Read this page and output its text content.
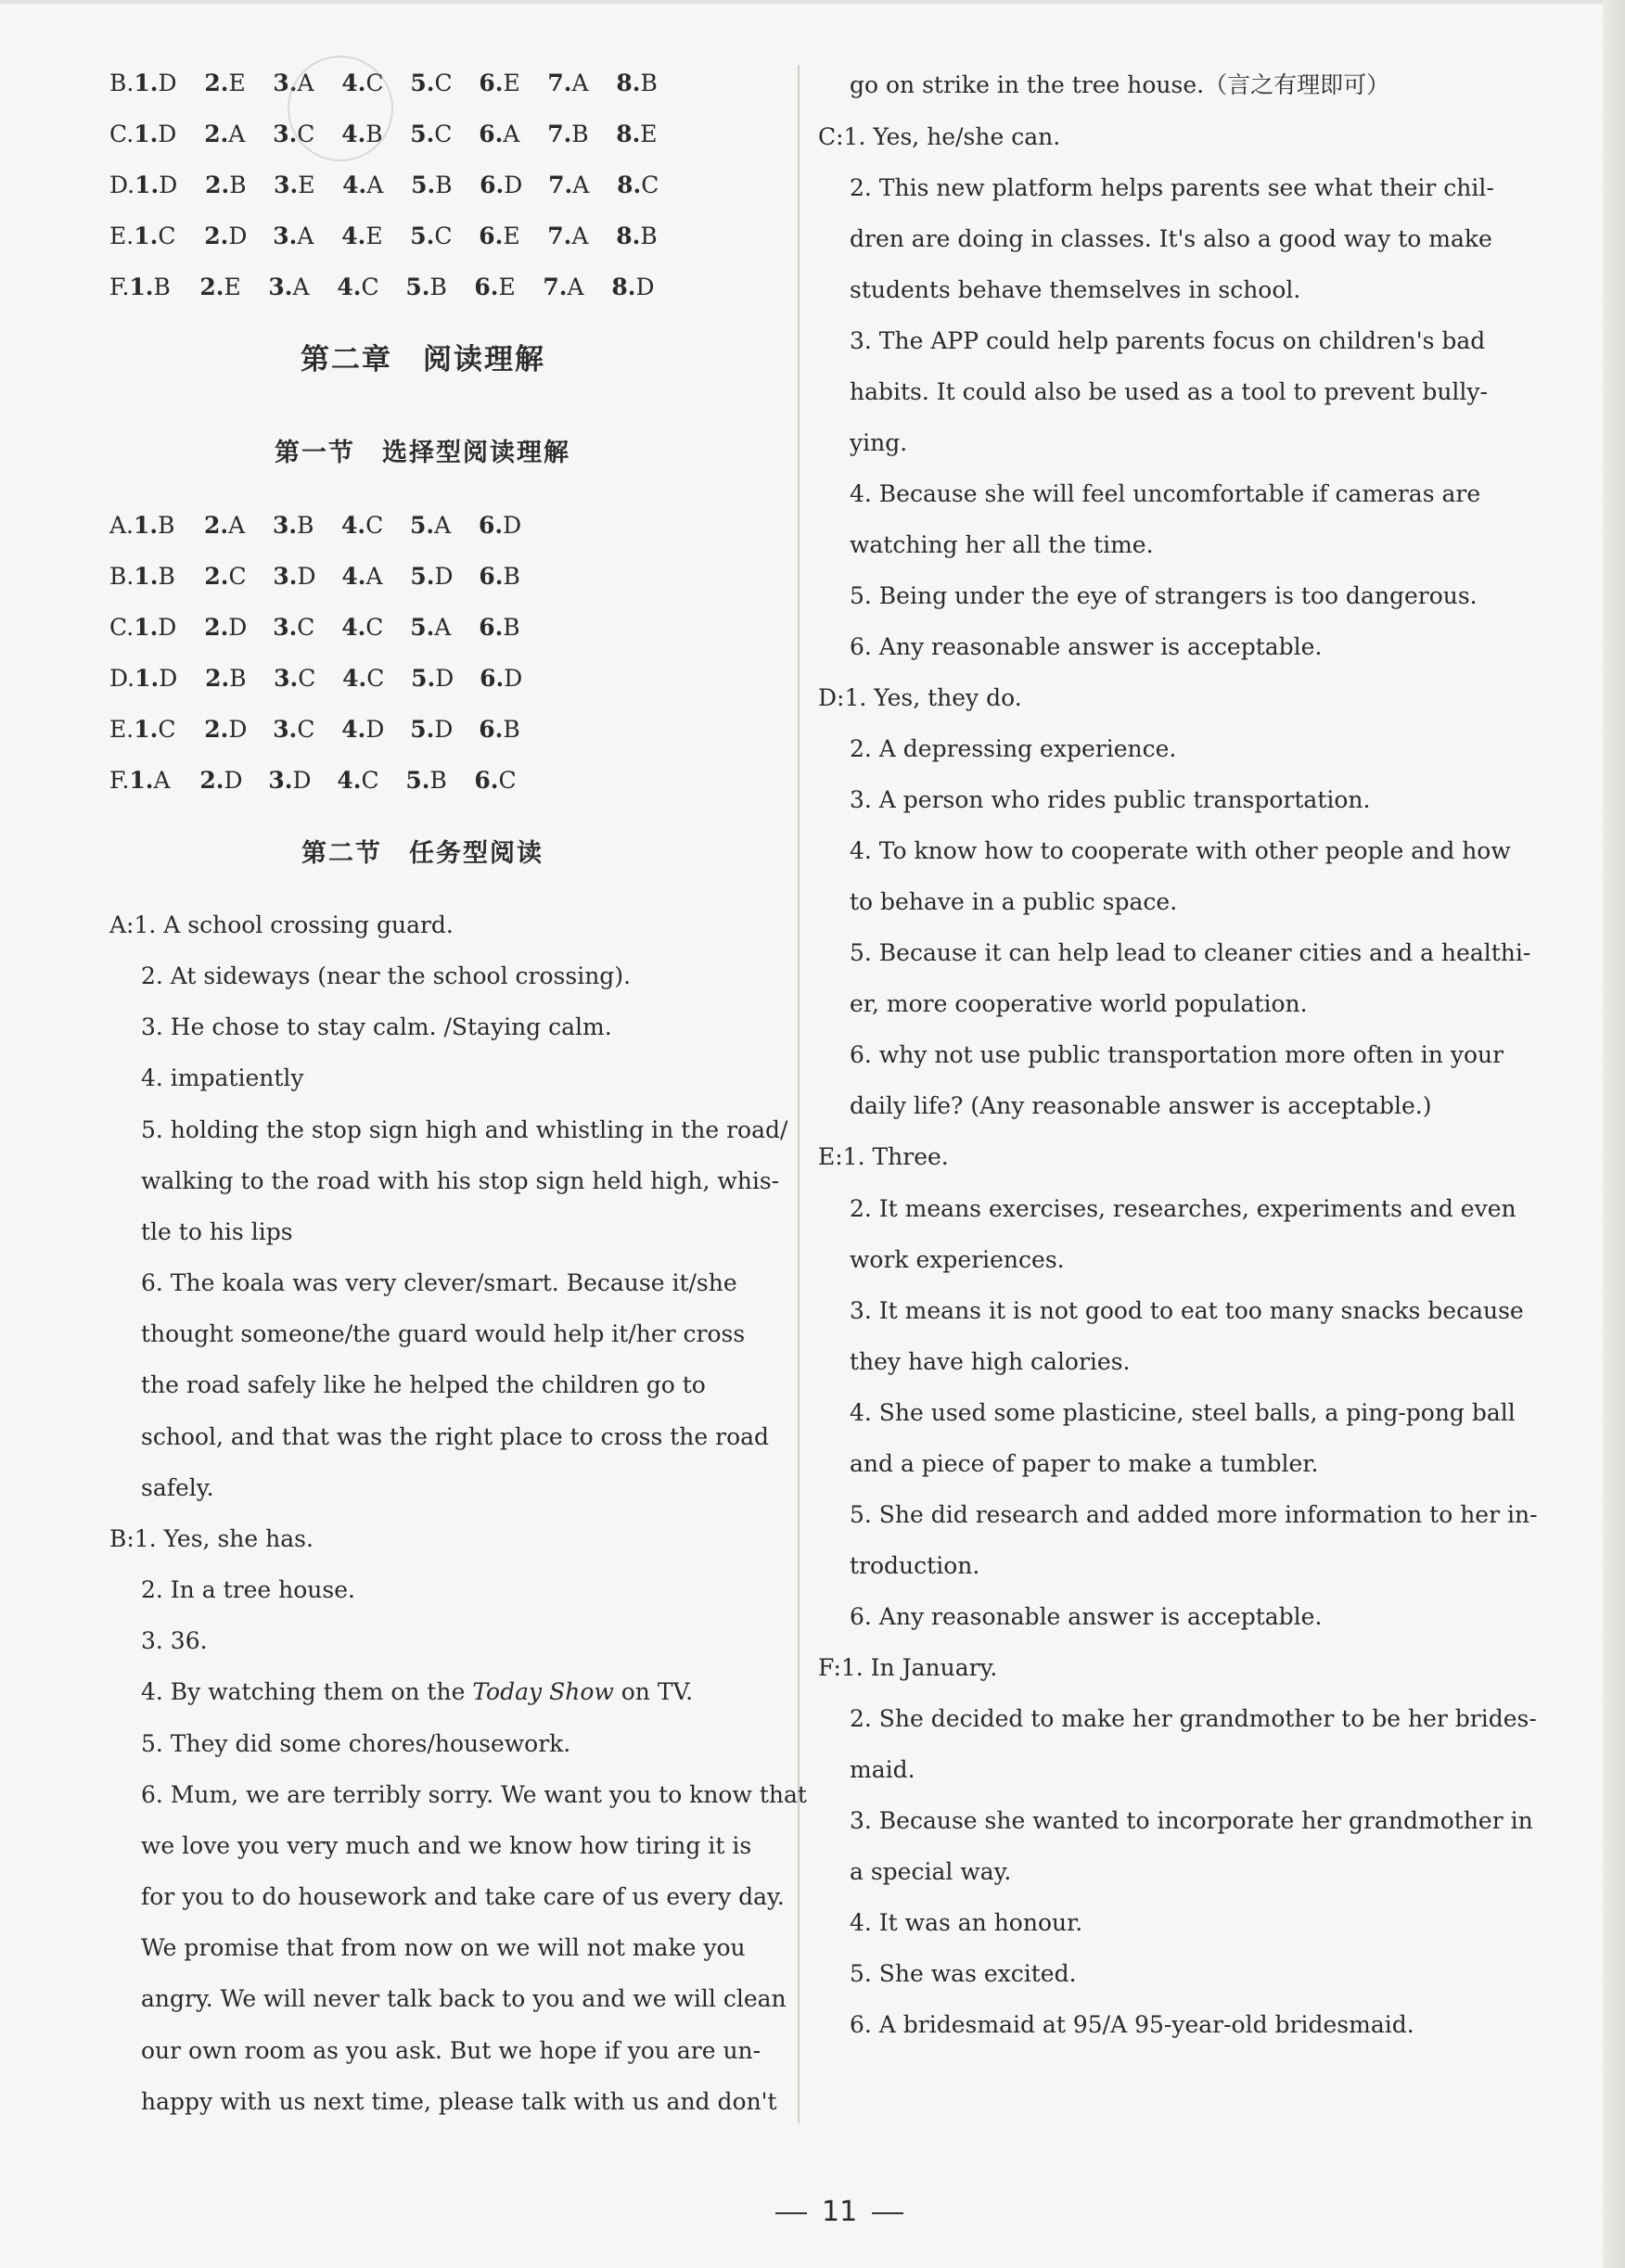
B.1.D 2.E 3.A 4.C 5.C 6.E 7.A 8.B
C.1.D 2.A 3.C 4.B 5.C 6.A 7.B 8.E
D.1.D 2.B 3.E 4.A 5.B 6.D 7.A 8.C
E.1.C 2.D 3.A 4.E 5.C 6.E 7.A 8.B
F.1.B 2.E 3.A 4.C 5.B 6.E 7.A 8.D
第二章　阅读理解
第一节　选择型阅读理解
A.1.B 2.A 3.B 4.C 5.A 6.D
B.1.B 2.C 3.D 4.A 5.D 6.B
C.1.D 2.D 3.C 4.C 5.A 6.B
D.1.D 2.B 3.C 4.C 5.D 6.D
E.1.C 2.D 3.C 4.D 5.D 6.B
F.1.A 2.D 3.D 4.C 5.B 6.C
第二节　任务型阅读
A:1. A school crossing guard.
2. At sideways (near the school crossing).
3. He chose to stay calm. /Staying calm.
4. impatiently
5. holding the stop sign high and whistling in the road/
walking to the road with his stop sign held high, whis-
tle to his lips
6. The koala was very clever/smart. Because it/she
thought someone/the guard would help it/her cross
the road safely like he helped the children go to
school, and that was the right place to cross the road
safely.
B:1. Yes, she has.
2. In a tree house.
3. 36.
4. By watching them on the Today Show on TV.
5. They did some chores/housework.
6. Mum, we are terribly sorry. We want you to know that
we love you very much and we know how tiring it is
for you to do housework and take care of us every day.
We promise that from now on we will not make you
angry. We will never talk back to you and we will clean
our own room as you ask. But we hope if you are un-
happy with us next time, please talk with us and don't
go on strike in the tree house.（言之有理即可）
C:1. Yes, he/she can.
2. This new platform helps parents see what their chil-
dren are doing in classes. It's also a good way to make
students behave themselves in school.
3. The APP could help parents focus on children's bad
habits. It could also be used as a tool to prevent bully-
ying.
4. Because she will feel uncomfortable if cameras are
watching her all the time.
5. Being under the eye of strangers is too dangerous.
6. Any reasonable answer is acceptable.
D:1. Yes, they do.
2. A depressing experience.
3. A person who rides public transportation.
4. To know how to cooperate with other people and how
to behave in a public space.
5. Because it can help lead to cleaner cities and a healthi-
er, more cooperative world population.
6. why not use public transportation more often in your
daily life? (Any reasonable answer is acceptable.)
E:1. Three.
2. It means exercises, researches, experiments and even
work experiences.
3. It means it is not good to eat too many snacks because
they have high calories.
4. She used some plasticine, steel balls, a ping-pong ball
and a piece of paper to make a tumbler.
5. She did research and added more information to her in-
troduction.
6. Any reasonable answer is acceptable.
F:1. In January.
2. She decided to make her grandmother to be her brides-
maid.
3. Because she wanted to incorporate her grandmother in
a special way.
4. It was an honour.
5. She was excited.
6. A bridesmaid at 95/A 95-year-old bridesmaid.
11
